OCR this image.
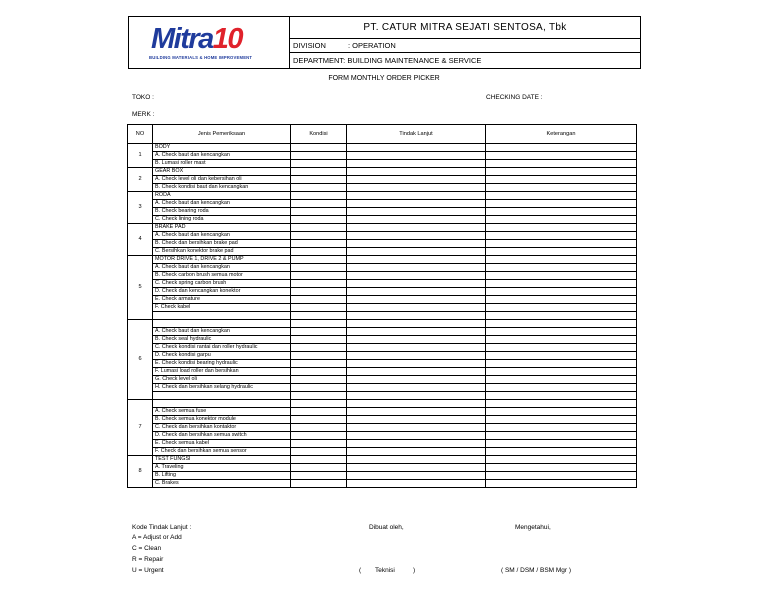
Mitra10
BUILDING MATERIALS & HOME IMPROVEMENT
PT. CATUR MITRA SEJATI SENTOSA, Tbk
DIVISION	: OPERATION
DEPARTMENT: BUILDING MAINTENANCE & SERVICE
FORM MONTHLY ORDER PICKER
TOKO :	CHECKING DATE :
MERK :
NO	Jenis Pemeriksaan	Kondisi	Tindak Lanjut	Keterangan
1	BODY			
	A. Check baut dan kencangkan			
	B. Lumasi roller mast			
2	GEAR BOX			
	A. Check level oli dan kebersihan oli			
	B. Check kondisi baut dan kencangkan			
3	RODA			
	A. Check baut dan kencangkan			
	B. Check bearing roda			
	C. Check lining roda			
4	BRAKE PAD			
	A. Check baut dan kencangkan			
	B. Check dan bersihkan brake pad			
	C. Bersihkan konektor brake pad			
5	MOTOR DRIVE 1, DRIVE 2 & PUMP			
	A. Check baut dan kencangkan			
	B. Check carbon brush semua motor			
	C. Check spring carbon brush			
	D. Check dan kencangkan konektor			
	E. Check armature			
	F. Check kabel			

6				
	A. Check baut dan kencangkan			
	B. Check seal hydraulic			
	C. Check kondisi rantai dan roller hydraulic			
	D. Check kondisi garpu			
	E. Check kondisi bearing hydraulic			
	F. Lumasi load roller dan bersihkan			
	G. Check level oli			
	H. Check dan bersihkan selang hydraulic			

7				
	A. Check semua fuse			
	B. Check semua konektor module			
	C. Check dan bersihkan kontaktor			
	D. Check dan bersihkan semua switch			
	E. Check semua kabel			
	F. Check dan bersihkan semua sensor			
8	TEST FUNGSI			
	A. Traveling			
	B. Lifting			
	C. Brakes			
Kode Tindak Lanjut :
A = Adjust or Add
C = Clean
R = Repair
U = Urgent
Dibuat oleh,	Mengetahui,
( Teknisi	)	( SM / DSM / BSM Mgr )
